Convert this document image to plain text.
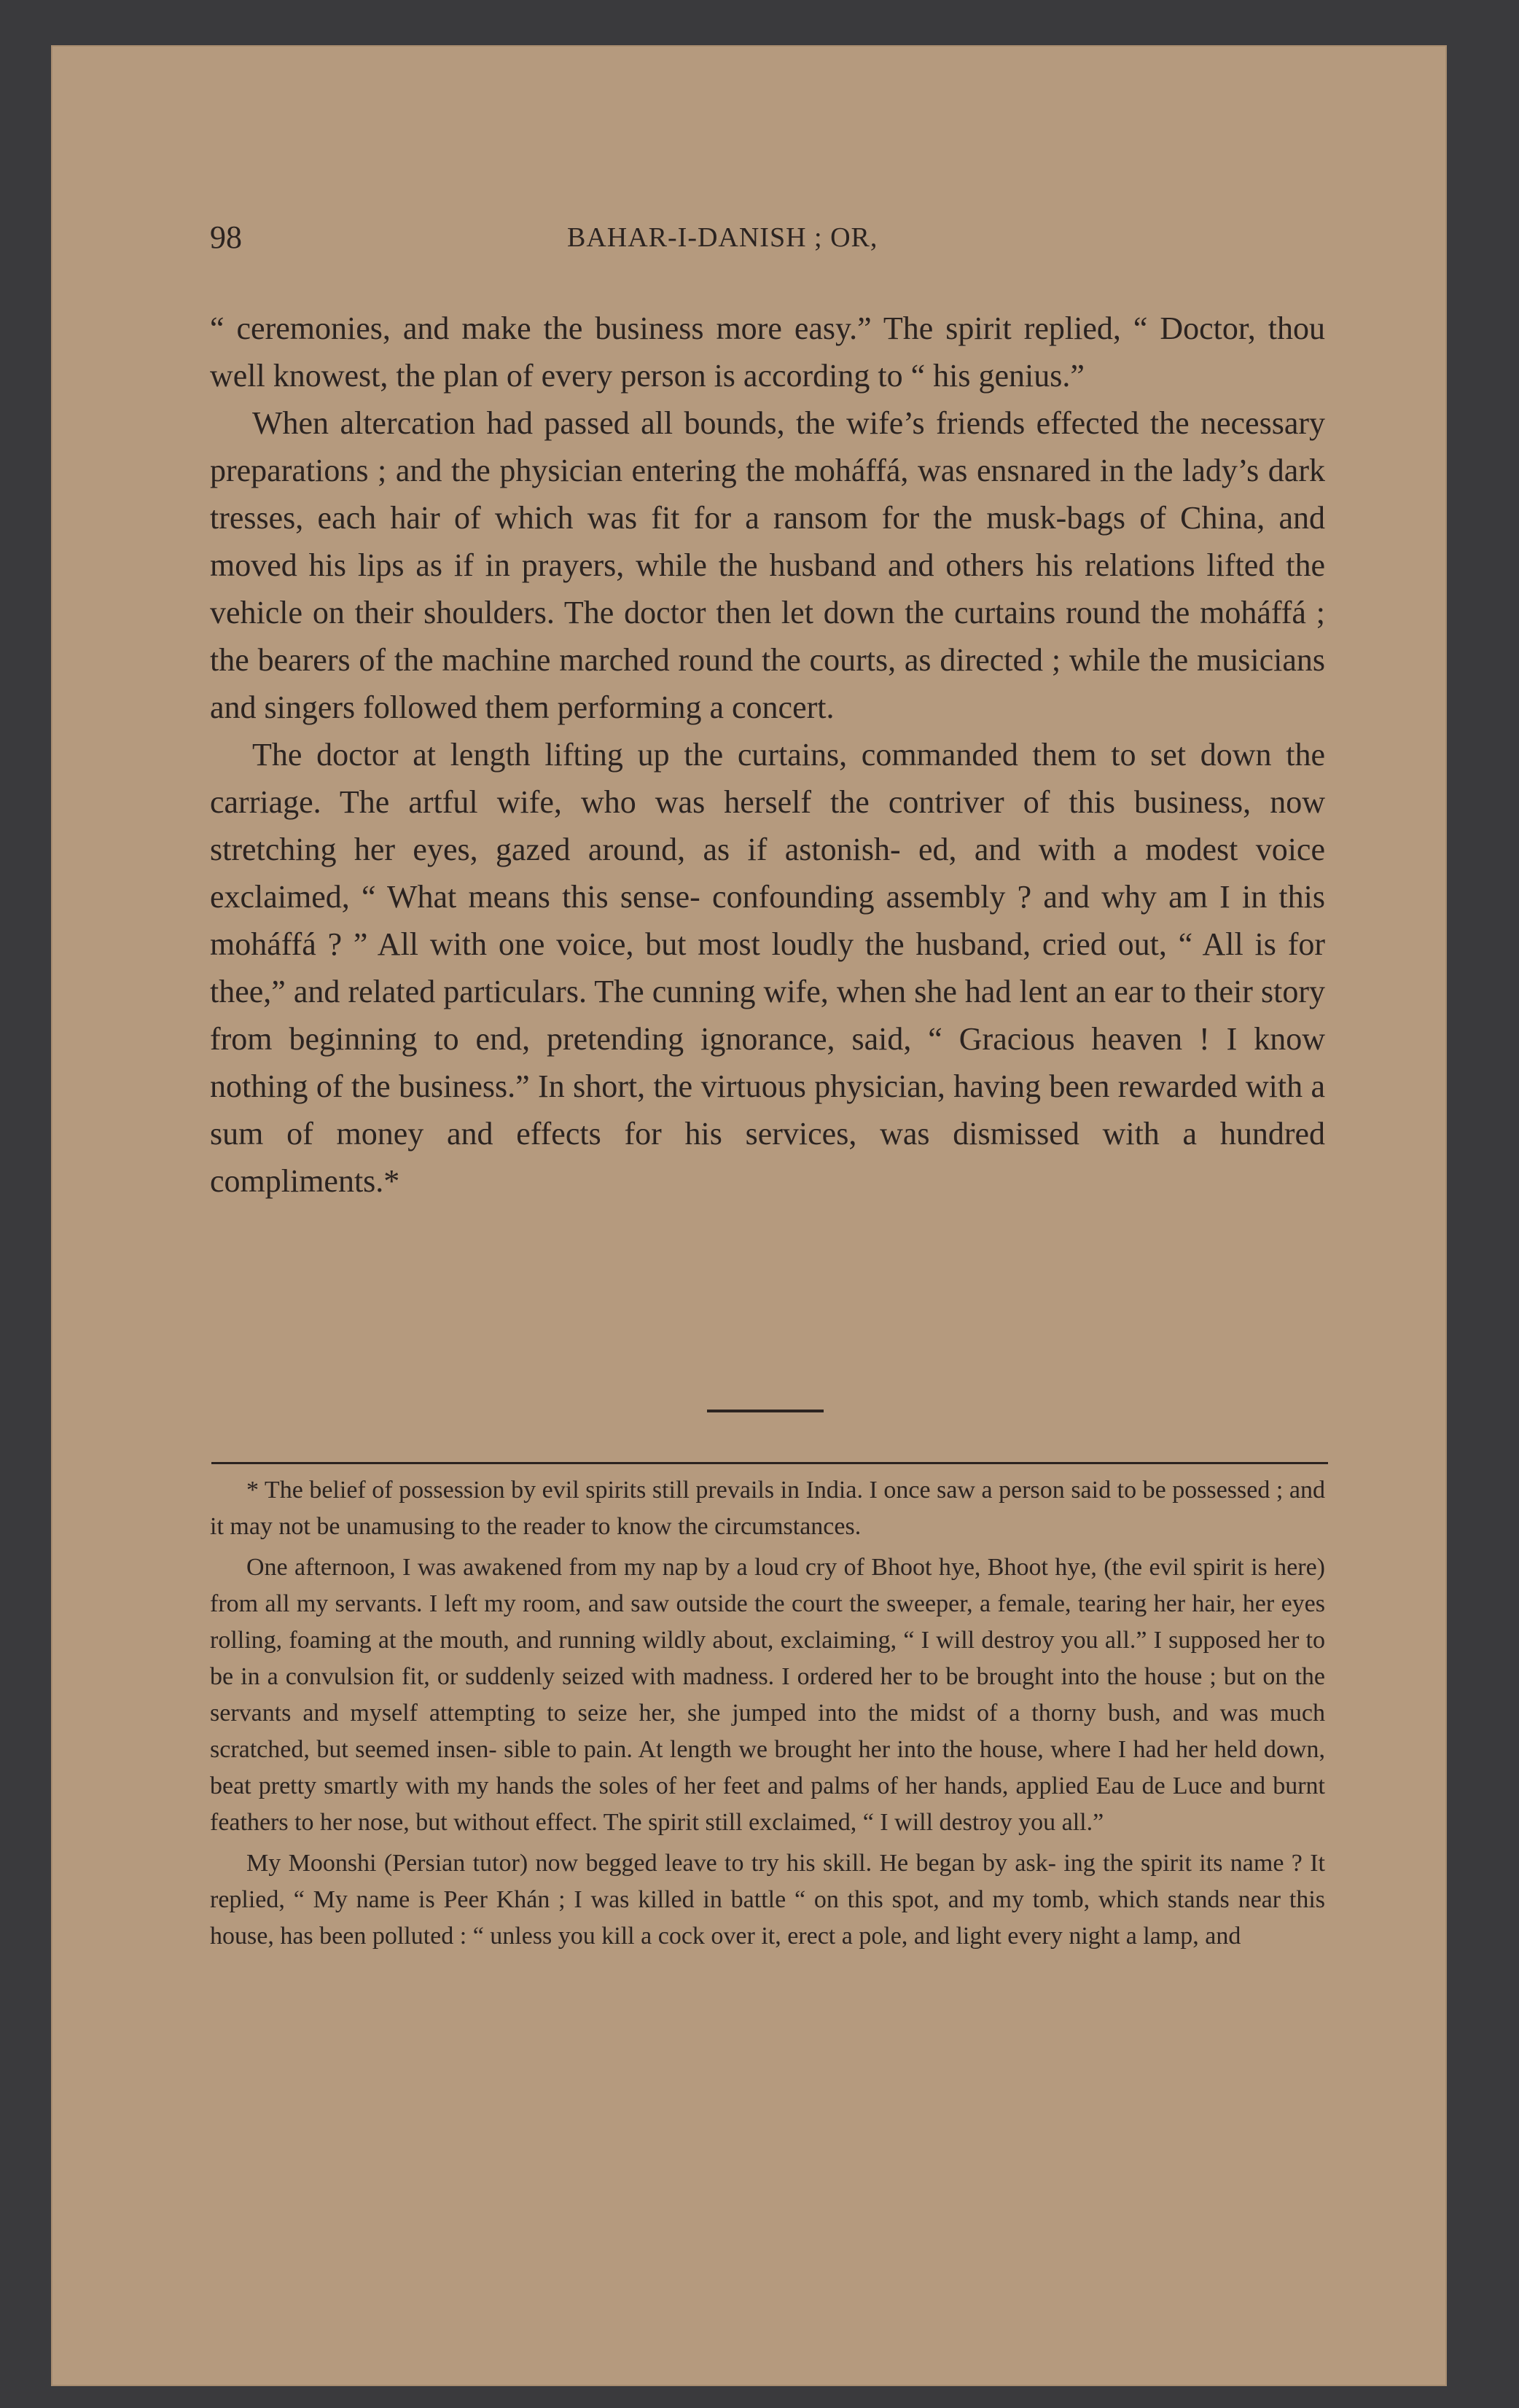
98	BAHAR-I-DANISH ; OR,

“ ceremonies, and make the business more easy.” The spirit replied, “ Doctor, thou well knowest, the plan of every person is according to “ his genius.”

When altercation had passed all bounds, the wife’s friends effected the necessary preparations ; and the physician entering the moháffá, was ensnared in the lady’s dark tresses, each hair of which was fit for a ransom for the musk-bags of China, and moved his lips as if in prayers, while the husband and others his relations lifted the vehicle on their shoulders. The doctor then let down the curtains round the moháffá ; the bearers of the machine marched round the courts, as directed ; while the musicians and singers followed them performing a concert.

The doctor at length lifting up the curtains, commanded them to set down the carriage. The artful wife, who was herself the contriver of this business, now stretching her eyes, gazed around, as if astonish- ed, and with a modest voice exclaimed, “ What means this sense- confounding assembly ? and why am I in this moháffá ? ” All with one voice, but most loudly the husband, cried out, “ All is for thee,” and related particulars. The cunning wife, when she had lent an ear to their story from beginning to end, pretending ignorance, said, “ Gracious heaven ! I know nothing of the business.” In short, the virtuous physician, having been rewarded with a sum of money and effects for his services, was dismissed with a hundred compliments.*

* The belief of possession by evil spirits still prevails in India. I once saw a person said to be possessed ; and it may not be unamusing to the reader to know the circumstances.

One afternoon, I was awakened from my nap by a loud cry of Bhoot hye, Bhoot hye, (the evil spirit is here) from all my servants. I left my room, and saw outside the court the sweeper, a female, tearing her hair, her eyes rolling, foaming at the mouth, and running wildly about, exclaiming, “ I will destroy you all.” I supposed her to be in a convulsion fit, or suddenly seized with madness. I ordered her to be brought into the house ; but on the servants and myself attempting to seize her, she jumped into the midst of a thorny bush, and was much scratched, but seemed insen- sible to pain. At length we brought her into the house, where I had her held down, beat pretty smartly with my hands the soles of her feet and palms of her hands, applied Eau de Luce and burnt feathers to her nose, but without effect. The spirit still exclaimed, “ I will destroy you all.”

My Moonshi (Persian tutor) now begged leave to try his skill. He began by ask- ing the spirit its name ? It replied, “ My name is Peer Khán ; I was killed in battle “ on this spot, and my tomb, which stands near this house, has been polluted : “ unless you kill a cock over it, erect a pole, and light every night a lamp, and
